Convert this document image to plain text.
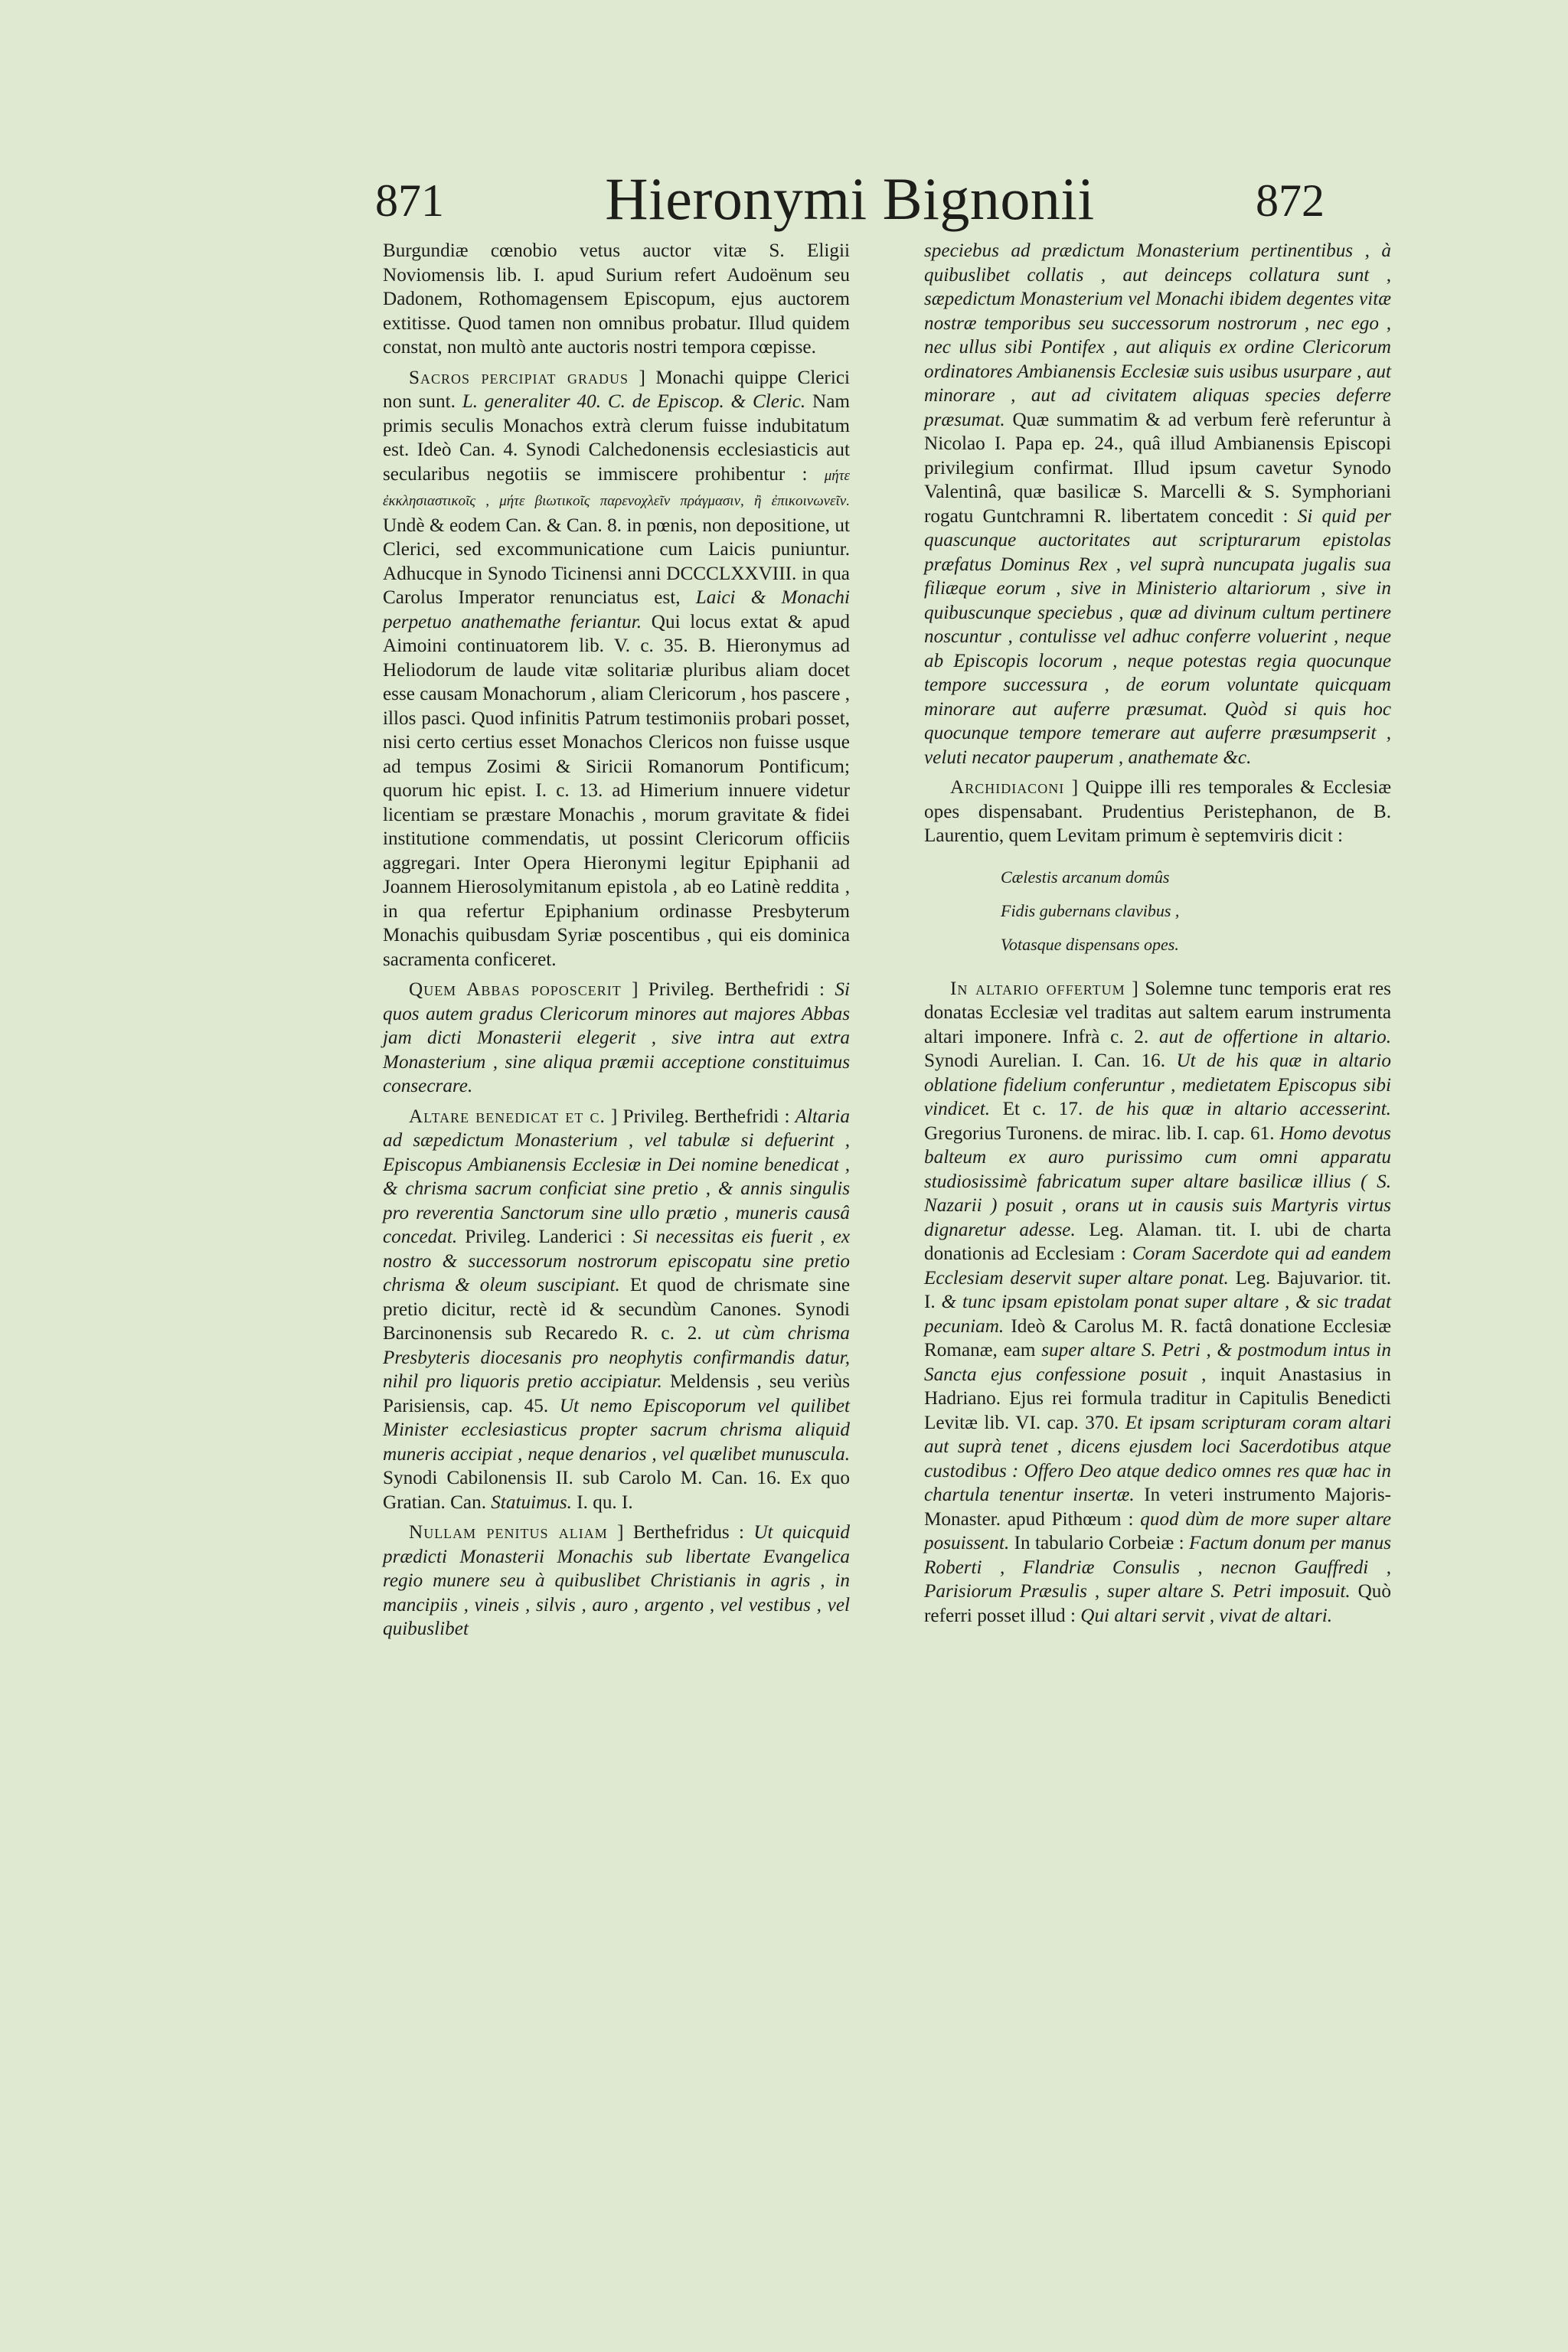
871	Hieronymi Bignonii	872

Burgundiæ cœnobio vetus auctor vitæ S. Eligii Noviomensis lib. I. apud Surium refert Audoënum seu Dadonem, Rothomagensem Episcopum, ejus auctorem extitisse. Quod tamen non omnibus probatur. Illud quidem constat, non multò ante auctoris nostri tempora cœpisse.

Sacros percipiat gradus ] Monachi quippe Clerici non sunt. L. generaliter 40. C. de Episcop. & Cleric. Nam primis seculis Monachos extrà clerum fuisse indubitatum est. Ideò Can. 4. Synodi Calchedonensis ecclesiasticis aut secularibus negotiis se immiscere prohibentur : μήτε ἐκκλησιαστικοῖς , μήτε βιωτικοῖς παρενοχλεῖν πράγμασιν, ἢ ἐπικοινωνεῖν. Undè & eodem Can. & Can. 8. in pœnis, non depositione, ut Clerici, sed excommunicatione cum Laicis puniuntur. Adhucque in Synodo Ticinensi anni DCCCLXXVIII. in qua Carolus Imperator renunciatus est, Laici & Monachi perpetuo anathemathe feriantur. Qui locus extat & apud Aimoini continuatorem lib. V. c. 35. B. Hieronymus ad Heliodorum de laude vitæ solitariæ pluribus aliam docet esse causam Monachorum , aliam Clericorum , hos pascere , illos pasci. Quod infinitis Patrum testimoniis probari posset, nisi certo certius esset Monachos Clericos non fuisse usque ad tempus Zosimi & Siricii Romanorum Pontificum; quorum hic epist. I. c. 13. ad Himerium innuere videtur licentiam se præstare Monachis , morum gravitate & fidei institutione commendatis, ut possint Clericorum officiis aggregari. Inter Opera Hieronymi legitur Epiphanii ad Joannem Hierosolymitanum epistola , ab eo Latinè reddita , in qua refertur Epiphanium ordinasse Presbyterum Monachis quibusdam Syriæ poscentibus , qui eis dominica sacramenta conficeret.

Quem Abbas poposcerit ] Privileg. Berthefridi : Si quos autem gradus Clericorum minores aut majores Abbas jam dicti Monasterii elegerit , sive intra aut extra Monasterium , sine aliqua præmii acceptione constituimus consecrare.

Altare benedicat et c. ] Privileg. Berthefridi : Altaria ad sæpedictum Monasterium , vel tabulæ si defuerint , Episcopus Ambianensis Ecclesiæ in Dei nomine benedicat , & chrisma sacrum conficiat sine pretio , & annis singulis pro reverentia Sanctorum sine ullo prætio , muneris causâ concedat. Privileg. Landerici : Si necessitas eis fuerit , ex nostro & successorum nostrorum episcopatu sine pretio chrisma & oleum suscipiant. Et quod de chrismate sine pretio dicitur, rectè id & secundùm Canones. Synodi Barcinonensis sub Recaredo R. c. 2. ut cùm chrisma Presbyteris diocesanis pro neophytis confirmandis datur, nihil pro liquoris pretio accipiatur. Meldensis , seu veriùs Parisiensis, cap. 45. Ut nemo Episcoporum vel quilibet Minister ecclesiasticus propter sacrum chrisma aliquid muneris accipiat , neque denarios , vel quælibet munuscula. Synodi Cabilonensis II. sub Carolo M. Can. 16. Ex quo Gratian. Can. Statuimus. I. qu. I.

Nullam penitus aliam ] Berthefridus : Ut quicquid prædicti Monasterii Monachis sub libertate Evangelica regio munere seu à quibuslibet Christianis in agris , in mancipiis , vineis , silvis , auro , argento , vel vestibus , vel quibuslibet

speciebus ad prædictum Monasterium pertinentibus , à quibuslibet collatis , aut deinceps collatura sunt , sæpedictum Monasterium vel Monachi ibidem degentes vitæ nostræ temporibus seu successorum nostrorum , nec ego , nec ullus sibi Pontifex , aut aliquis ex ordine Clericorum ordinatores Ambianensis Ecclesiæ suis usibus usurpare , aut minorare , aut ad civitatem aliquas species deferre præsumat. Quæ summatim & ad verbum ferè referuntur à Nicolao I. Papa ep. 24., quâ illud Ambianensis Episcopi privilegium confirmat. Illud ipsum cavetur Synodo Valentinâ, quæ basilicæ S. Marcelli & S. Symphoriani rogatu Guntchramni R. libertatem concedit : Si quid per quascunque auctoritates aut scripturarum epistolas præfatus Dominus Rex , vel suprà nuncupata jugalis sua filiæque eorum , sive in Ministerio altariorum , sive in quibuscunque speciebus , quæ ad divinum cultum pertinere noscuntur , contulisse vel adhuc conferre voluerint , neque ab Episcopis locorum , neque potestas regia quocunque tempore successura , de eorum voluntate quicquam minorare aut auferre præsumat. Quòd si quis hoc quocunque tempore temerare aut auferre præsumpserit , veluti necator pauperum , anathemate &c.

Archidiaconi ] Quippe illi res temporales & Ecclesiæ opes dispensabant. Prudentius Peristephanon, de B. Laurentio, quem Levitam primum è septemviris dicit :

Cælestis arcanum domûs
Fidis gubernans clavibus ,
Votasque dispensans opes.

In altario offertum ] Solemne tunc temporis erat res donatas Ecclesiæ vel traditas aut saltem earum instrumenta altari imponere. Infrà c. 2. aut de offertione in altario. Synodi Aurelian. I. Can. 16. Ut de his quæ in altario oblatione fidelium conferuntur , medietatem Episcopus sibi vindicet. Et c. 17. de his quæ in altario accesserint. Gregorius Turonens. de mirac. lib. I. cap. 61. Homo devotus balteum ex auro purissimo cum omni apparatu studiosissimè fabricatum super altare basilicæ illius ( S. Nazarii ) posuit , orans ut in causis suis Martyris virtus dignaretur adesse. Leg. Alaman. tit. I. ubi de charta donationis ad Ecclesiam : Coram Sacerdote qui ad eandem Ecclesiam deservit super altare ponat. Leg. Bajuvarior. tit. I. & tunc ipsam epistolam ponat super altare , & sic tradat pecuniam. Ideò & Carolus M. R. factâ donatione Ecclesiæ Romanæ, eam super altare S. Petri , & postmodum intus in Sancta ejus confessione posuit , inquit Anastasius in Hadriano. Ejus rei formula traditur in Capitulis Benedicti Levitæ lib. VI. cap. 370. Et ipsam scripturam coram altari aut suprà tenet , dicens ejusdem loci Sacerdotibus atque custodibus : Offero Deo atque dedico omnes res quæ hac in chartula tenentur insertæ. In veteri instrumento Majoris-Monaster. apud Pithœum : quod dùm de more super altare posuissent. In tabulario Corbeiæ : Factum donum per manus Roberti , Flandriæ Consulis , necnon Gauffredi , Parisiorum Præsulis , super altare S. Petri imposuit. Quò referri posset illud : Qui altari servit , vivat de altari.
